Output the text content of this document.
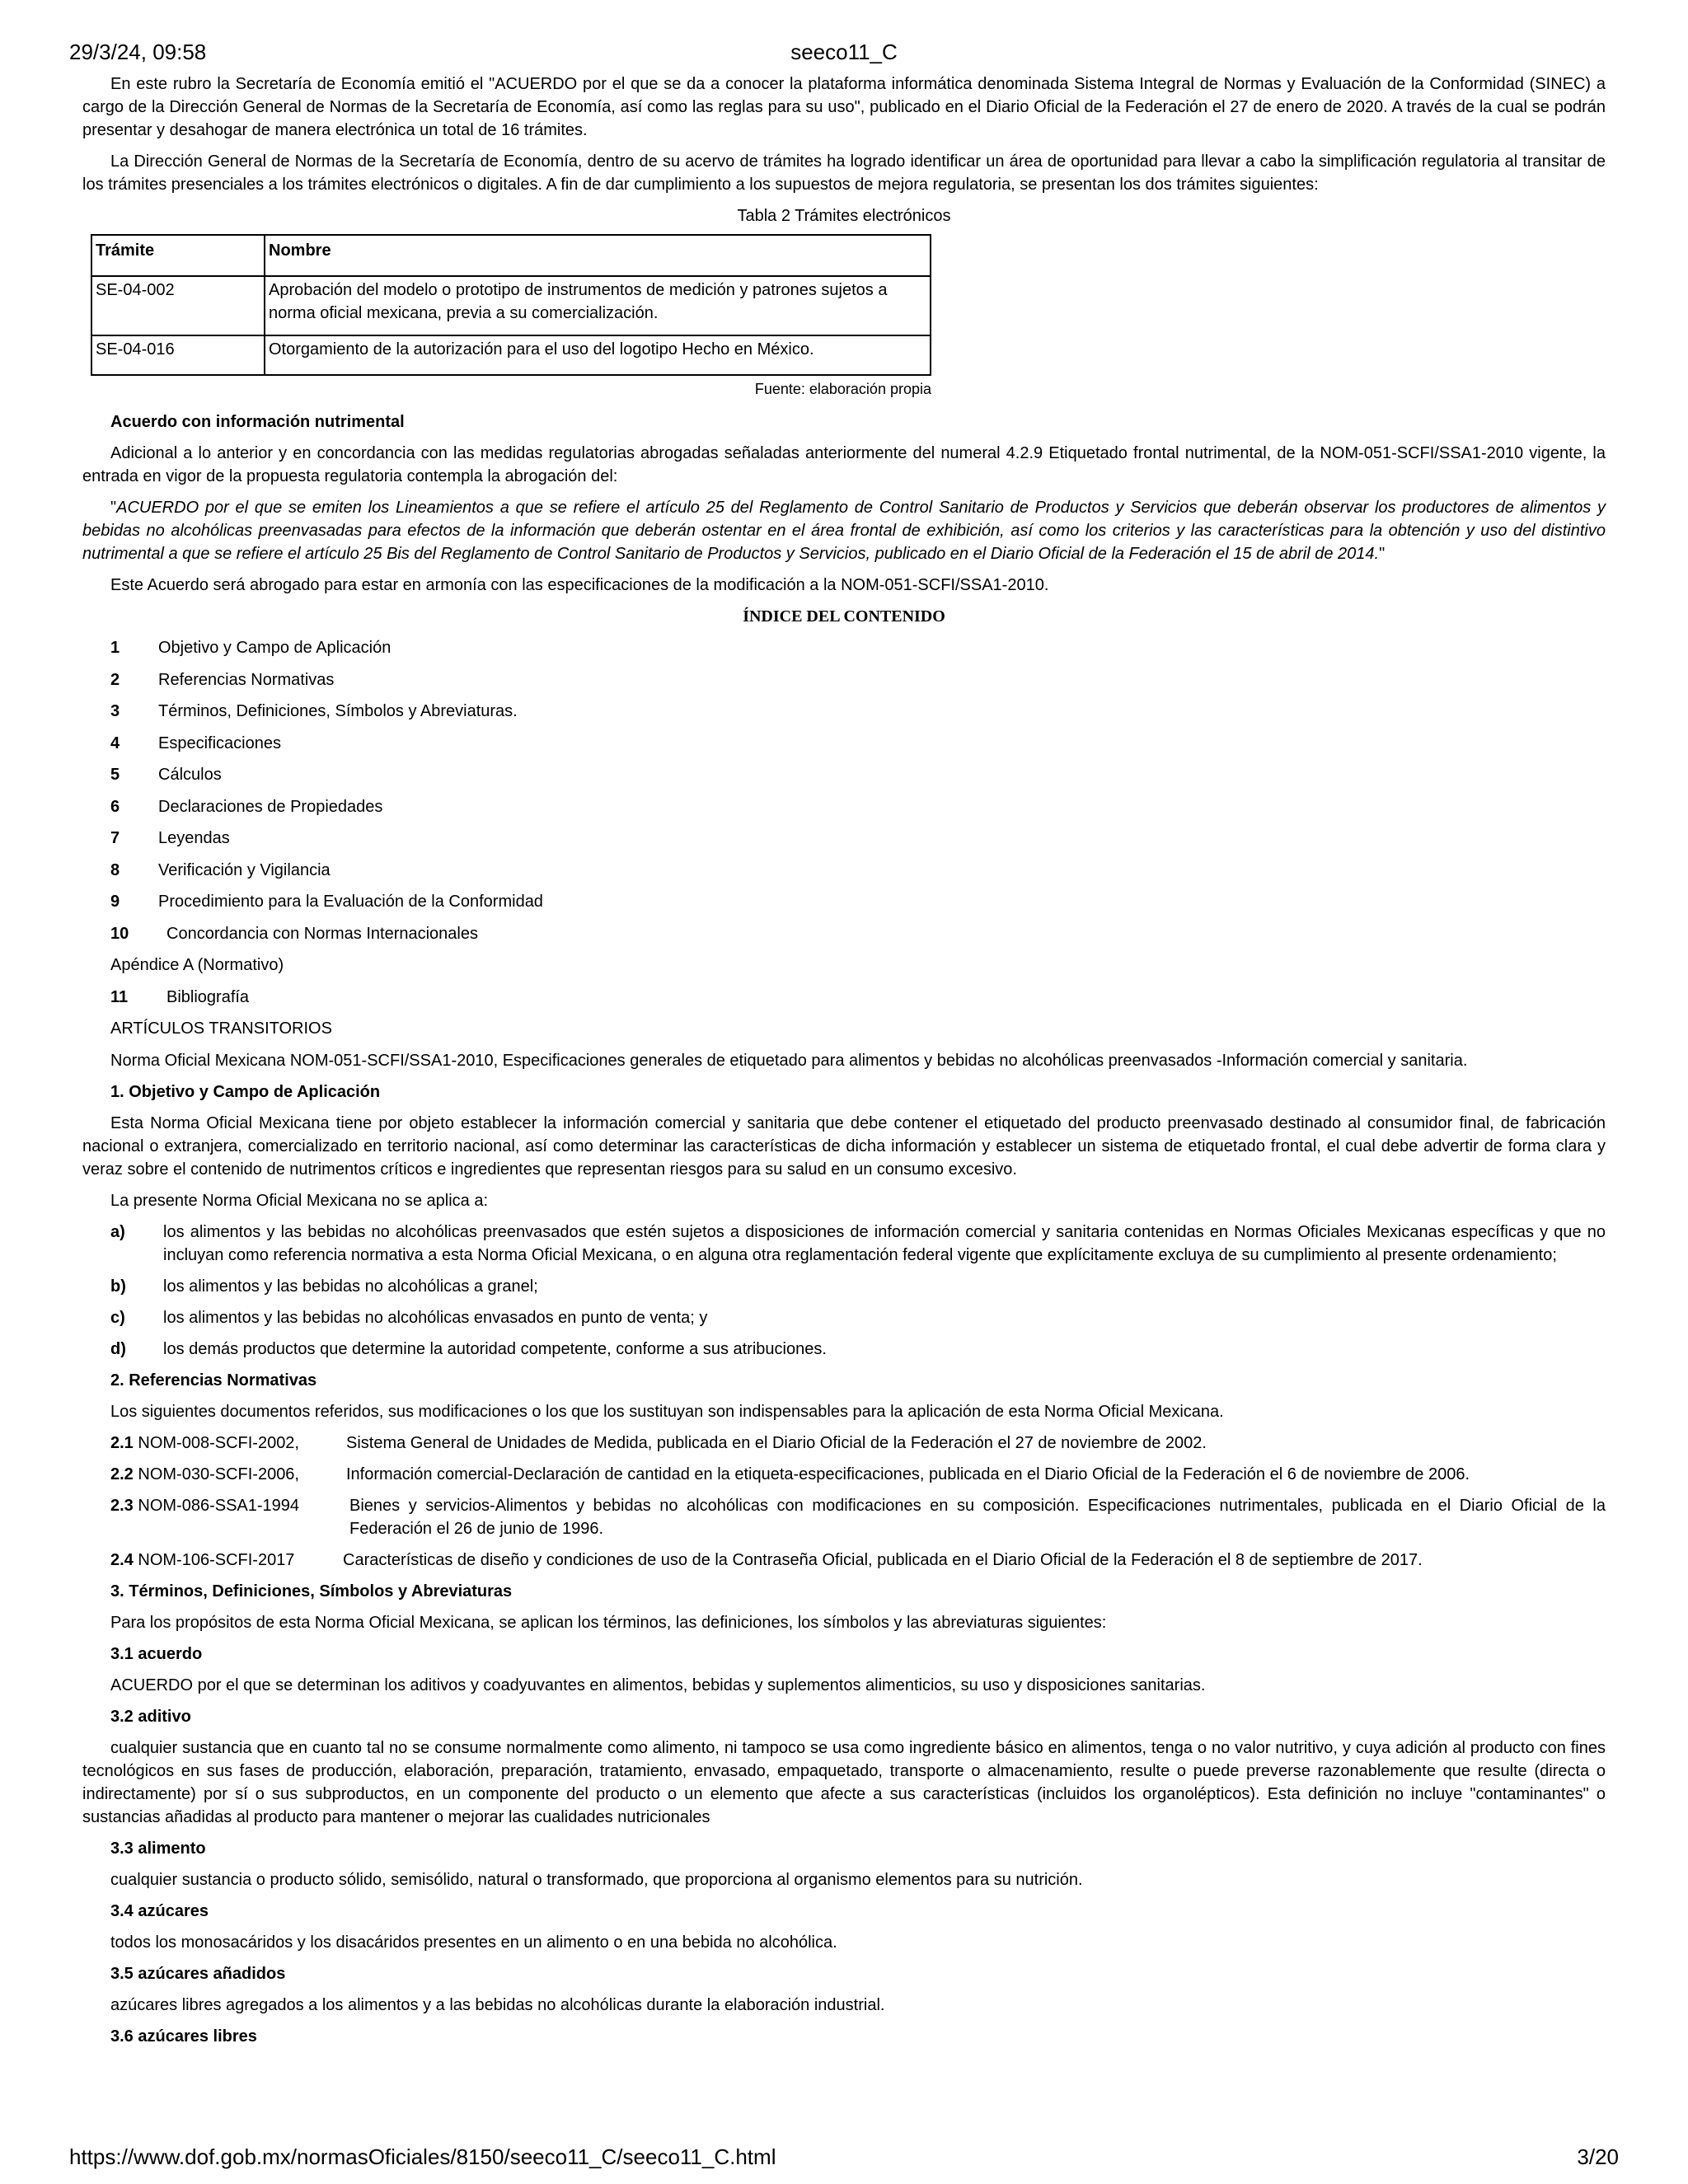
29/3/24, 09:58	seeco11_C

En este rubro la Secretaría de Economía emitió el "ACUERDO por el que se da a conocer la plataforma informática denominada Sistema Integral de Normas y Evaluación de la Conformidad (SINEC) a cargo de la Dirección General de Normas de la Secretaría de Economía, así como las reglas para su uso", publicado en el Diario Oficial de la Federación el 27 de enero de 2020. A través de la cual se podrán presentar y desahogar de manera electrónica un total de 16 trámites.

La Dirección General de Normas de la Secretaría de Economía, dentro de su acervo de trámites ha logrado identificar un área de oportunidad para llevar a cabo la simplificación regulatoria al transitar de los trámites presenciales a los trámites electrónicos o digitales. A fin de dar cumplimiento a los supuestos de mejora regulatoria, se presentan los dos trámites siguientes:

Tabla 2 Trámites electrónicos
Trámite	Nombre
SE-04-002	Aprobación del modelo o prototipo de instrumentos de medición y patrones sujetos a norma oficial mexicana, previa a su comercialización.
SE-04-016	Otorgamiento de la autorización para el uso del logotipo Hecho en México.
Fuente: elaboración propia

Acuerdo con información nutrimental

Adicional a lo anterior y en concordancia con las medidas regulatorias abrogadas señaladas anteriormente del numeral 4.2.9 Etiquetado frontal nutrimental, de la NOM-051-SCFI/SSA1-2010 vigente, la entrada en vigor de la propuesta regulatoria contempla la abrogación del:

"ACUERDO por el que se emiten los Lineamientos a que se refiere el artículo 25 del Reglamento de Control Sanitario de Productos y Servicios que deberán observar los productores de alimentos y bebidas no alcohólicas preenvasadas para efectos de la información que deberán ostentar en el área frontal de exhibición, así como los criterios y las características para la obtención y uso del distintivo nutrimental a que se refiere el artículo 25 Bis del Reglamento de Control Sanitario de Productos y Servicios, publicado en el Diario Oficial de la Federación el 15 de abril de 2014."

Este Acuerdo será abrogado para estar en armonía con las especificaciones de la modificación a la NOM-051-SCFI/SSA1-2010.

ÍNDICE DEL CONTENIDO
1 Objetivo y Campo de Aplicación
2 Referencias Normativas
3 Términos, Definiciones, Símbolos y Abreviaturas.
4 Especificaciones
5 Cálculos
6 Declaraciones de Propiedades
7 Leyendas
8 Verificación y Vigilancia
9 Procedimiento para la Evaluación de la Conformidad
10 Concordancia con Normas Internacionales
Apéndice A (Normativo)
11 Bibliografía
ARTÍCULOS TRANSITORIOS

Norma Oficial Mexicana NOM-051-SCFI/SSA1-2010, Especificaciones generales de etiquetado para alimentos y bebidas no alcohólicas preenvasados -Información comercial y sanitaria.

1. Objetivo y Campo de Aplicación

Esta Norma Oficial Mexicana tiene por objeto establecer la información comercial y sanitaria que debe contener el etiquetado del producto preenvasado destinado al consumidor final, de fabricación nacional o extranjera, comercializado en territorio nacional, así como determinar las características de dicha información y establecer un sistema de etiquetado frontal, el cual debe advertir de forma clara y veraz sobre el contenido de nutrimentos críticos e ingredientes que representan riesgos para su salud en un consumo excesivo.

La presente Norma Oficial Mexicana no se aplica a:

a)	los alimentos y las bebidas no alcohólicas preenvasados que estén sujetos a disposiciones de información comercial y sanitaria contenidas en Normas Oficiales Mexicanas específicas y que no incluyan como referencia normativa a esta Norma Oficial Mexicana, o en alguna otra reglamentación federal vigente que explícitamente excluya de su cumplimiento al presente ordenamiento;
b)	los alimentos y las bebidas no alcohólicas a granel;
c)	los alimentos y las bebidas no alcohólicas envasados en punto de venta; y
d)	los demás productos que determine la autoridad competente, conforme a sus atribuciones.

2. Referencias Normativas

Los siguientes documentos referidos, sus modificaciones o los que los sustituyan son indispensables para la aplicación de esta Norma Oficial Mexicana.

2.1 NOM-008-SCFI-2002,	Sistema General de Unidades de Medida, publicada en el Diario Oficial de la Federación el 27 de noviembre de 2002.
2.2 NOM-030-SCFI-2006,	Información comercial-Declaración de cantidad en la etiqueta-especificaciones, publicada en el Diario Oficial de la Federación el 6 de noviembre de 2006.
2.3 NOM-086-SSA1-1994	Bienes y servicios-Alimentos y bebidas no alcohólicas con modificaciones en su composición. Especificaciones nutrimentales, publicada en el Diario Oficial de la Federación el 26 de junio de 1996.
2.4 NOM-106-SCFI-2017	Características de diseño y condiciones de uso de la Contraseña Oficial, publicada en el Diario Oficial de la Federación el 8 de septiembre de 2017.

3. Términos, Definiciones, Símbolos y Abreviaturas

Para los propósitos de esta Norma Oficial Mexicana, se aplican los términos, las definiciones, los símbolos y las abreviaturas siguientes:

3.1 acuerdo

ACUERDO por el que se determinan los aditivos y coadyuvantes en alimentos, bebidas y suplementos alimenticios, su uso y disposiciones sanitarias.

3.2 aditivo

cualquier sustancia que en cuanto tal no se consume normalmente como alimento, ni tampoco se usa como ingrediente básico en alimentos, tenga o no valor nutritivo, y cuya adición al producto con fines tecnológicos en sus fases de producción, elaboración, preparación, tratamiento, envasado, empaquetado, transporte o almacenamiento, resulte o puede preverse razonablemente que resulte (directa o indirectamente) por sí o sus subproductos, en un componente del producto o un elemento que afecte a sus características (incluidos los organolépticos). Esta definición no incluye "contaminantes" o sustancias añadidas al producto para mantener o mejorar las cualidades nutricionales

3.3 alimento

cualquier sustancia o producto sólido, semisólido, natural o transformado, que proporciona al organismo elementos para su nutrición.

3.4 azúcares

todos los monosacáridos y los disacáridos presentes en un alimento o en una bebida no alcohólica.

3.5 azúcares añadidos

azúcares libres agregados a los alimentos y a las bebidas no alcohólicas durante la elaboración industrial.

3.6 azúcares libres

https://www.dof.gob.mx/normasOficiales/8150/seeco11_C/seeco11_C.html	3/20
